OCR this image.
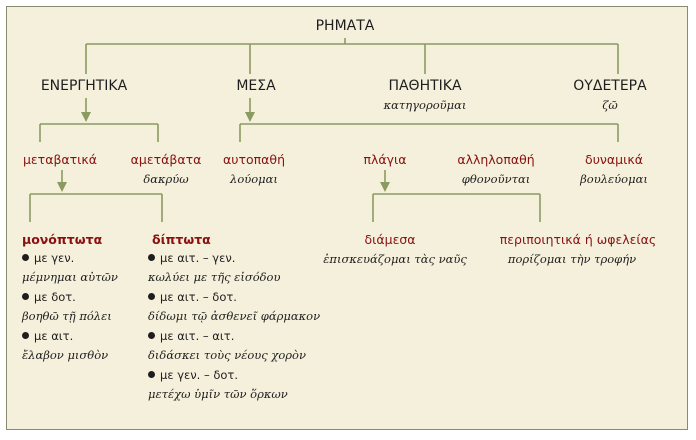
ΡΗΜΑΤΑ
ΕΝΕΡΓΗΤΙΚΑ	ΜΕΣΑ	ΠΑΘΗΤΙΚΑ
κατηγοροῦμαι
ΟΥΔΕΤΕΡΑ
ζῶ
μεταβατικά	αμετάβατα
δακρύω
αυτοπαθή
λούομαι
πλάγια	αλληλοπαθή
φθονοῦνται
δυναμικά
βουλεύομαι
διάμεσα
ἐπισκευάζομαι τὰς ναῦς
περιποιητικά ή ωφελείας
πορίζομαι τὴν τροφήν
μονόπτωτα
με γεν.
μέμνημαι αὐτῶν
με δοτ.
βοηθῶ τῇ πόλει
με αιτ.
ἔλαβον μισθὸν
δίπτωτα
με αιτ. – γεν.
κωλύει με τῆς εἰσόδου
με αιτ. – δοτ.
δίδωμι τῷ ἀσθενεῖ φάρμακον
με αιτ. – αιτ.
διδάσκει τοὺς νέους χορὸν
με γεν. – δοτ.
μετέχω ὑμῖν τῶν ὅρκων
